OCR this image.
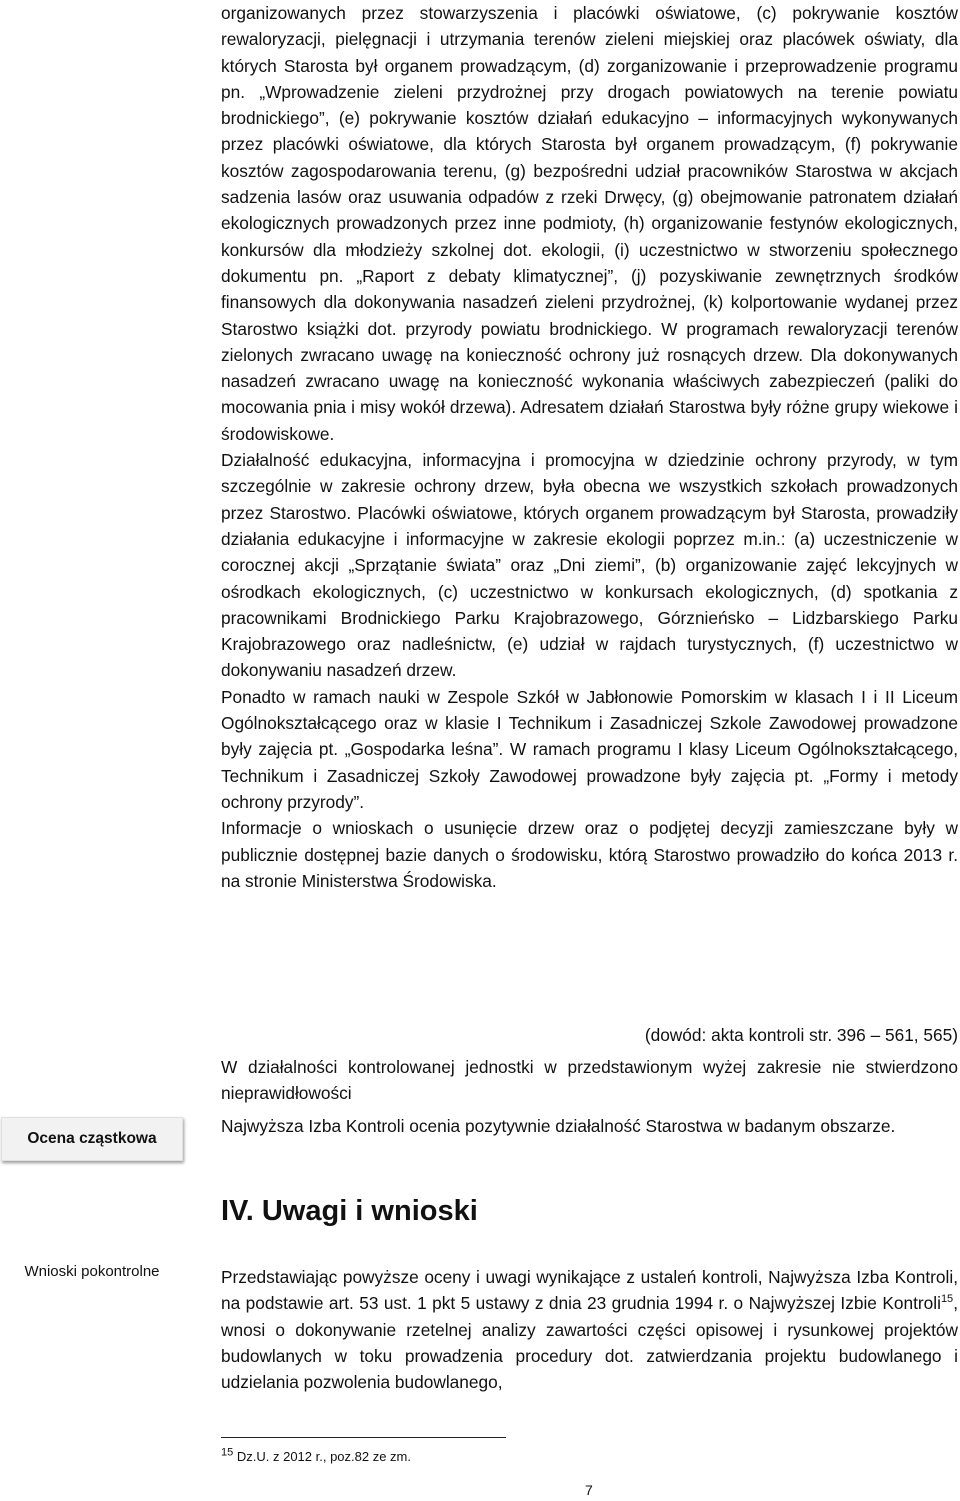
organizowanych przez stowarzyszenia i placówki oświatowe, (c) pokrywanie kosztów rewaloryzacji, pielęgnacji i utrzymania terenów zieleni miejskiej oraz placówek oświaty, dla których Starosta był organem prowadzącym, (d) zorganizowanie i przeprowadzenie programu pn. „Wprowadzenie zieleni przydrożnej przy drogach powiatowych na terenie powiatu brodnickiego”, (e) pokrywanie kosztów działań edukacyjno – informacyjnych wykonywanych przez placówki oświatowe, dla których Starosta był organem prowadzącym, (f) pokrywanie kosztów zagospodarowania terenu, (g) bezpośredni udział pracowników Starostwa w akcjach sadzenia lasów oraz usuwania odpadów z rzeki Drwęcy, (g) obejmowanie patronatem działań ekologicznych prowadzonych przez inne podmioty, (h) organizowanie festynów ekologicznych, konkursów dla młodzieży szkolnej dot. ekologii, (i) uczestnictwo w stworzeniu społecznego dokumentu pn. „Raport z debaty klimatycznej”, (j) pozyskiwanie zewnętrznych środków finansowych dla dokonywania nasadzeń zieleni przydrożnej, (k) kolportowanie wydanej przez Starostwo książki dot. przyrody powiatu brodnickiego. W programach rewaloryzacji terenów zielonych zwracano uwagę na konieczność ochrony już rosnących drzew. Dla dokonywanych nasadzeń zwracano uwagę na konieczność wykonania właściwych zabezpieczeń (paliki do mocowania pnia i misy wokół drzewa). Adresatem działań Starostwa były różne grupy wiekowe i środowiskowe.

Działalność edukacyjna, informacyjna i promocyjna w dziedzinie ochrony przyrody, w tym szczególnie w zakresie ochrony drzew, była obecna we wszystkich szkołach prowadzonych przez Starostwo. Placówki oświatowe, których organem prowadzącym był Starosta, prowadziły działania edukacyjne i informacyjne w zakresie ekologii poprzez m.in.: (a) uczestniczenie w corocznej akcji „Sprzątanie świata” oraz „Dni ziemi”, (b) organizowanie zajęć lekcyjnych w ośrodkach ekologicznych, (c) uczestnictwo w konkursach ekologicznych, (d) spotkania z pracownikami Brodnickiego Parku Krajobrazowego, Górznieńsko – Lidzbarskiego Parku Krajobrazowego oraz nadleśnictw, (e) udział w rajdach turystycznych, (f) uczestnictwo w dokonywaniu nasadzeń drzew.

Ponadto w ramach nauki w Zespole Szkół w Jabłonowie Pomorskim w klasach I i II Liceum Ogólnokształcącego oraz w klasie I Technikum i Zasadniczej Szkole Zawodowej prowadzone były zajęcia pt. „Gospodarka leśna”. W ramach programu I klasy Liceum Ogólnokształcącego, Technikum i Zasadniczej Szkoły Zawodowej prowadzone były zajęcia pt. „Formy i metody ochrony przyrody”.

Informacje o wnioskach o usunięcie drzew oraz o podjętej decyzji zamieszczane były w publicznie dostępnej bazie danych o środowisku, którą Starostwo prowadziło do końca 2013 r. na stronie Ministerstwa Środowiska.

(dowód: akta kontroli str. 396 – 561, 565)

W działalności kontrolowanej jednostki w przedstawionym wyżej zakresie nie stwierdzono nieprawidłowości

Najwyższa Izba Kontroli ocenia pozytywnie działalność Starostwa w badanym obszarze.

Ocena cząstkowa
IV. Uwagi i wnioski
Wnioski pokontrolne	Przedstawiając powyższe oceny i uwagi wynikające z ustaleń kontroli, Najwyższa Izba Kontroli, na podstawie art. 53 ust. 1 pkt 5 ustawy z dnia 23 grudnia 1994 r. o Najwyższej Izbie Kontroli$^{15}$, wnosi o dokonywanie rzetelnej analizy zawartości części opisowej i rysunkowej projektów budowlanych w toku prowadzenia procedury dot. zatwierdzania projektu budowlanego i udzielania pozwolenia budowlanego,

$^{15}$ Dz.U. z 2012 r., poz.82 ze zm.

7
